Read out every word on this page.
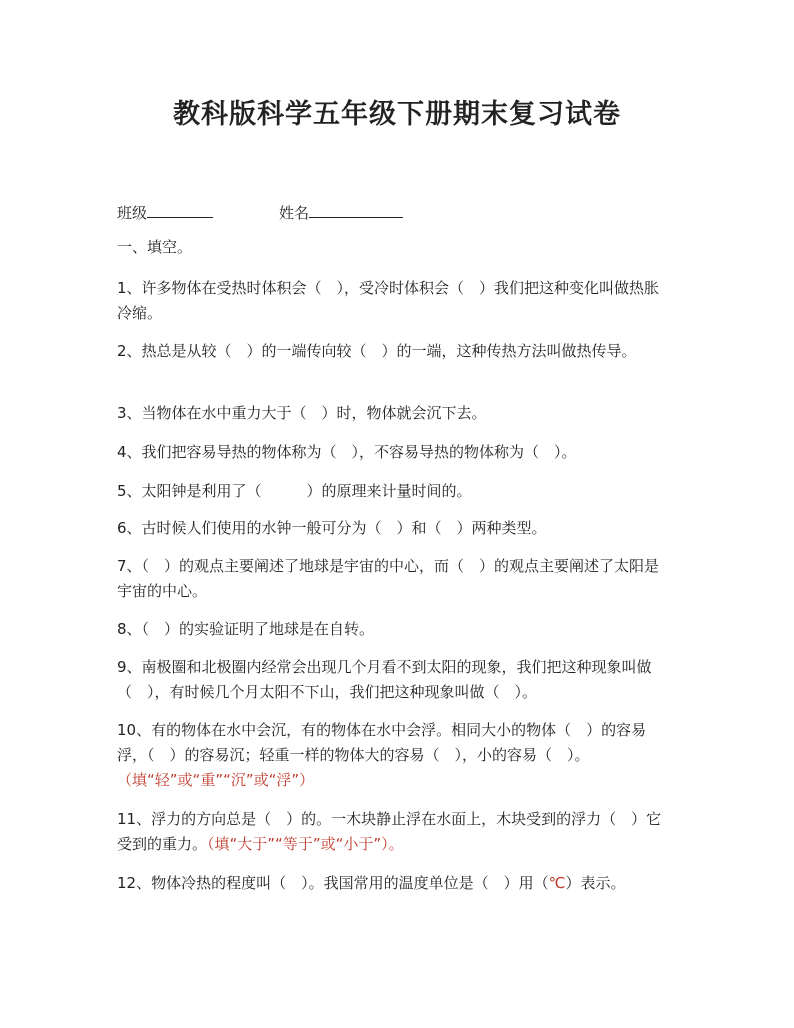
教科版科学五年级下册期末复习试卷
班级	姓名
一、填空。

1、许多物体在受热时体积会（　），受冷时体积会（　）我们把这种变化叫做热胀冷缩。

2、热总是从较（　）的一端传向较（　）的一端，这种传热方法叫做热传导。

3、当物体在水中重力大于（　）时，物体就会沉下去。

4、我们把容易导热的物体称为（　），不容易导热的物体称为（　）。

5、太阳钟是利用了（　　　）的原理来计量时间的。

6、古时候人们使用的水钟一般可分为（　）和（　）两种类型。

7、（　）的观点主要阐述了地球是宇宙的中心，而（　）的观点主要阐述了太阳是宇宙的中心。

8、（　）的实验证明了地球是在自转。

9、南极圈和北极圈内经常会出现几个月看不到太阳的现象，我们把这种现象叫做（　），有时候几个月太阳不下山，我们把这种现象叫做（　）。

10、有的物体在水中会沉，有的物体在水中会浮。相同大小的物体（　）的容易浮，（　）的容易沉；轻重一样的物体大的容易（　），小的容易（　）。（填“轻”或“重”“沉”或“浮”）

11、浮力的方向总是（　）的。一木块静止浮在水面上，木块受到的浮力（　）它受到的重力。（填“大于”“等于”或“小于”）。

12、物体冷热的程度叫（　）。我国常用的温度单位是（　）用（℃）表示。
